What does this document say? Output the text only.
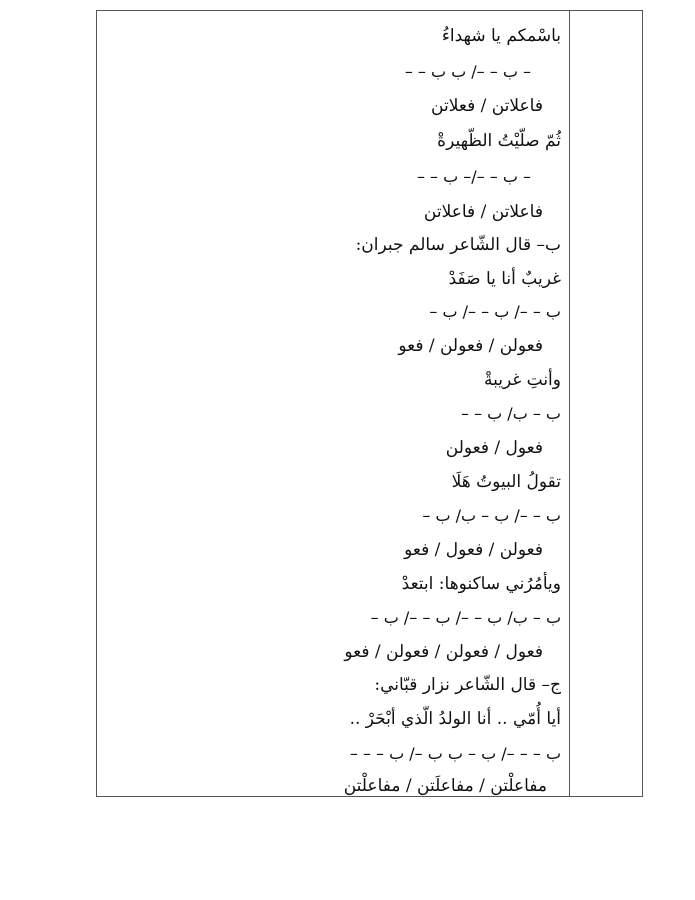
باسْمكم يا شهداءُ
– ب – –/ ب ب – –
فاعلاتن / فعلاتن
ثُمّ صلّيْتُ الظّهيرةْ
– ب – –/– ب – –
فاعلاتن / فاعلاتن
ب– قال الشّاعر سالم جبران:
غريبٌ أنا يا صَفَدْ
ب – –/ ب – –/ ب –
فعولن / فعولن / فعو
وأنتِ غريبةْ
ب – ب/ ب – –
فعول / فعولن
تقولُ البيوتُ هَلَا
ب – –/ ب – ب/ ب –
فعولن / فعول / فعو
ويأمُرُني ساكنوها: ابتعدْ
ب – ب/ ب – –/ ب – –/ ب –
فعول / فعولن / فعولن / فعو
ج– قال الشّاعر نزار قبّاني:
أيا أُمّي .. أنا الولدُ الّذي أبْحَرْ ..
ب – – –/ ب – ب ب –/ ب – – –
مفاعلْتن / مفاعلَتن / مفاعلْتن
